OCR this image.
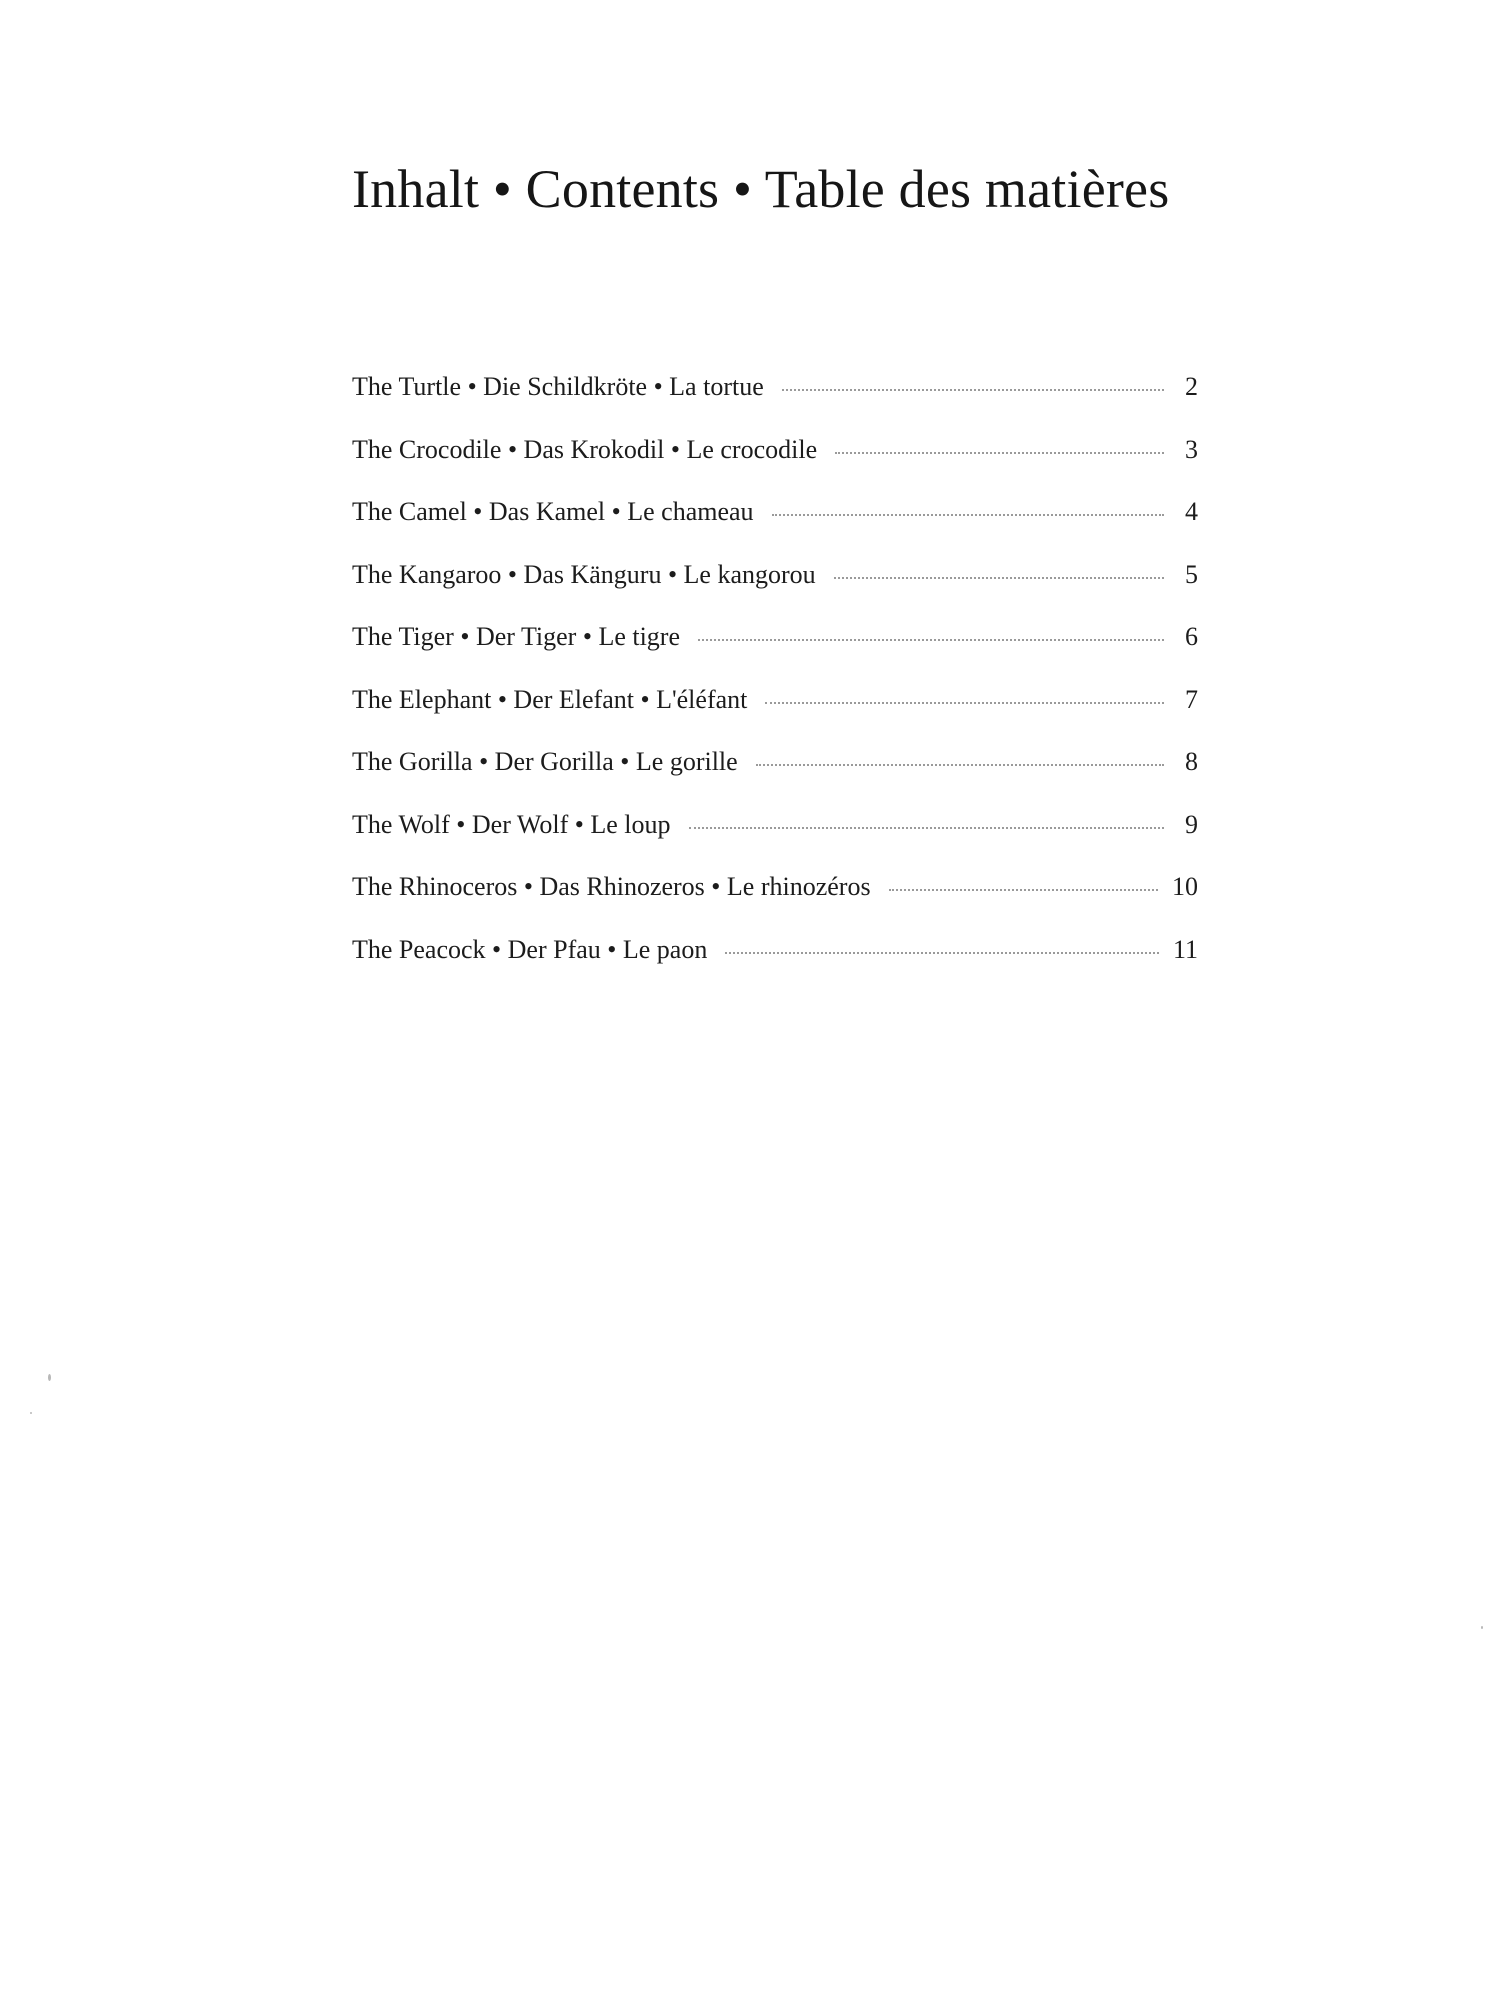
Inhalt • Contents • Table des matières
The Turtle • Die Schildkröte • La tortue	2
The Crocodile • Das Krokodil • Le crocodile	3
The Camel • Das Kamel • Le chameau	4
The Kangaroo • Das Känguru • Le kangorou	5
The Tiger • Der Tiger • Le tigre	6
The Elephant • Der Elefant • L'éléfant	7
The Gorilla • Der Gorilla • Le gorille	8
The Wolf • Der Wolf • Le loup	9
The Rhinoceros • Das Rhinozeros • Le rhinozéros	10
The Peacock • Der Pfau • Le paon	11
